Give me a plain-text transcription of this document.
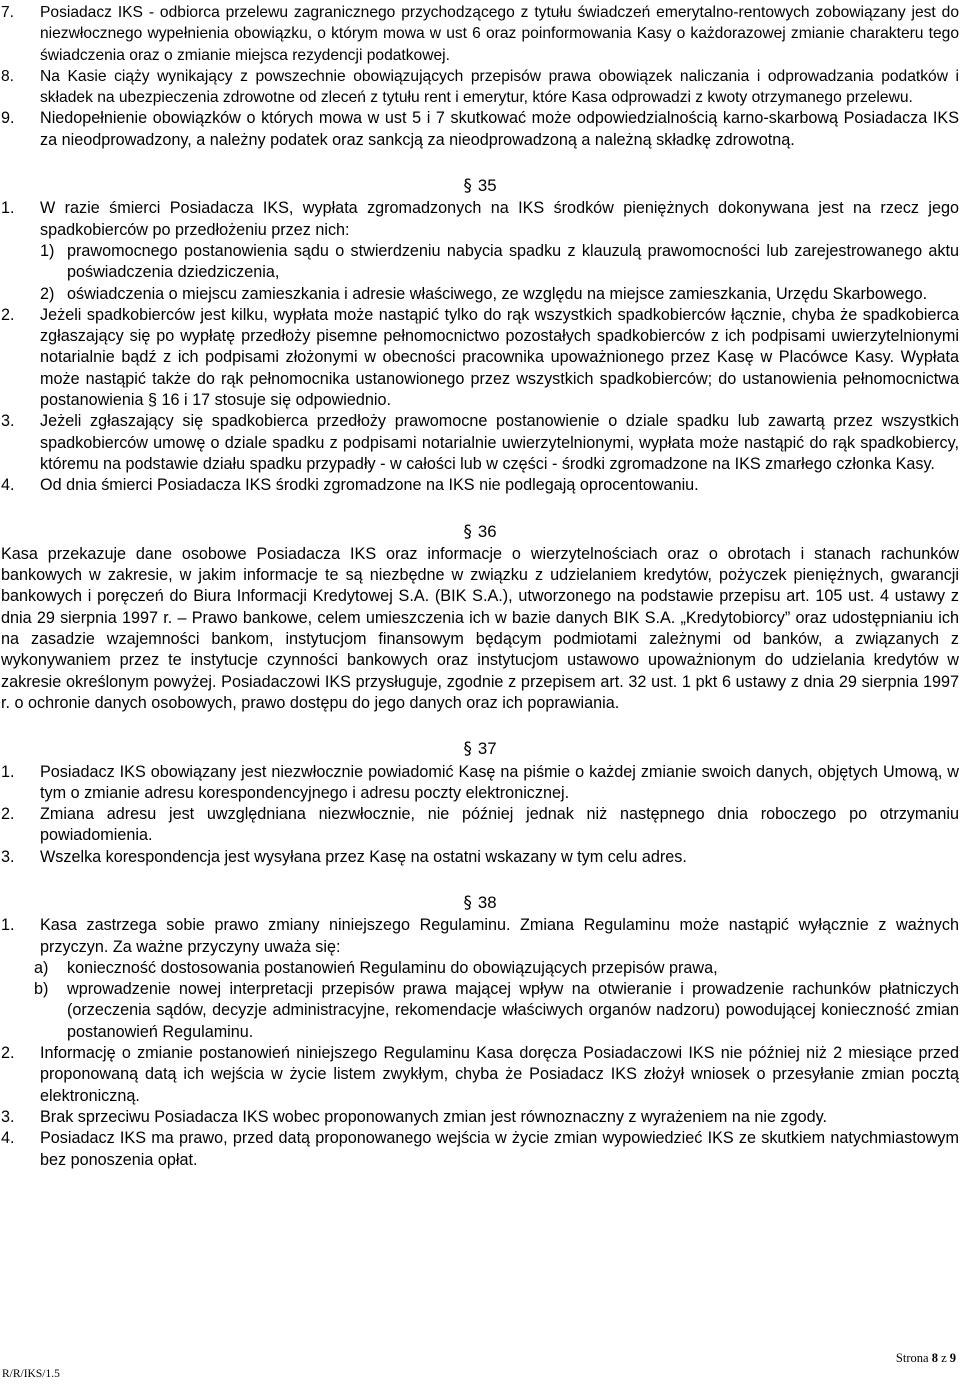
7. Posiadacz IKS - odbiorca przelewu zagranicznego przychodzącego z tytułu świadczeń emerytalno-rentowych zobowiązany jest do niezwłocznego wypełnienia obowiązku, o którym mowa w ust 6 oraz poinformowania Kasy o każdorazowej zmianie charakteru tego świadczenia oraz o zmianie miejsca rezydencji podatkowej.

8. Na Kasie ciąży wynikający z powszechnie obowiązujących przepisów prawa obowiązek naliczania i odprowadzania podatków i składek na ubezpieczenia zdrowotne od zleceń z tytułu rent i emerytur, które Kasa odprowadzi z kwoty otrzymanego przelewu.

9. Niedopełnienie obowiązków o których mowa w ust 5 i 7 skutkować może odpowiedzialnością karno-skarbową Posiadacza IKS za nieodprowadzony, a należny podatek oraz sankcją za nieodprowadzoną a należną składkę zdrowotną.

§ 35
1. W razie śmierci Posiadacza IKS, wypłata zgromadzonych na IKS środków pieniężnych dokonywana jest na rzecz jego spadkobierców po przedłożeniu przez nich:

1) prawomocnego postanowienia sądu o stwierdzeniu nabycia spadku z klauzulą prawomocności lub zarejestrowanego aktu poświadczenia dziedziczenia,

2) oświadczenia o miejscu zamieszkania i adresie właściwego, ze względu na miejsce zamieszkania, Urzędu Skarbowego.

2. Jeżeli spadkobierców jest kilku, wypłata może nastąpić tylko do rąk wszystkich spadkobierców łącznie, chyba że spadkobierca zgłaszający się po wypłatę przedłoży pisemne pełnomocnictwo pozostałych spadkobierców z ich podpisami uwierzytelnionymi notarialnie bądź z ich podpisami złożonymi w obecności pracownika upoważnionego przez Kasę w Placówce Kasy. Wypłata może nastąpić także do rąk pełnomocnika ustanowionego przez wszystkich spadkobierców; do ustanowienia pełnomocnictwa postanowienia § 16 i 17 stosuje się odpowiednio.

3. Jeżeli zgłaszający się spadkobierca przedłoży prawomocne postanowienie o dziale spadku lub zawartą przez wszystkich spadkobierców umowę o dziale spadku z podpisami notarialnie uwierzytelnionymi, wypłata może nastąpić do rąk spadkobiercy, któremu na podstawie działu spadku przypadły - w całości lub w części - środki zgromadzone na IKS zmarłego członka Kasy.

4. Od dnia śmierci Posiadacza IKS środki zgromadzone na IKS nie podlegają oprocentowaniu.

§ 36

Kasa przekazuje dane osobowe Posiadacza IKS oraz informacje o wierzytelnościach oraz o obrotach i stanach rachunków bankowych w zakresie, w jakim informacje te są niezbędne w związku z udzielaniem kredytów, pożyczek pieniężnych, gwarancji bankowych i poręczeń do Biura Informacji Kredytowej S.A. (BIK S.A.), utworzonego na podstawie przepisu art. 105 ust. 4 ustawy z dnia 29 sierpnia 1997 r. – Prawo bankowe, celem umieszczenia ich w bazie danych BIK S.A. „Kredytobiorcy” oraz udostępnianiu ich na zasadzie wzajemności bankom, instytucjom finansowym będącym podmiotami zależnymi od banków, a związanych z wykonywaniem przez te instytucje czynności bankowych oraz instytucjom ustawowo upoważnionym do udzielania kredytów w zakresie określonym powyżej. Posiadaczowi IKS przysługuje, zgodnie z przepisem art. 32 ust. 1 pkt 6 ustawy z dnia 29 sierpnia 1997 r. o ochronie danych osobowych, prawo dostępu do jego danych oraz ich poprawiania.

§ 37
1. Posiadacz IKS obowiązany jest niezwłocznie powiadomić Kasę na piśmie o każdej zmianie swoich danych, objętych Umową, w tym o zmianie adresu korespondencyjnego i adresu poczty elektronicznej.

2. Zmiana adresu jest uwzględniana niezwłocznie, nie później jednak niż następnego dnia roboczego po otrzymaniu powiadomienia.

3. Wszelka korespondencja jest wysyłana przez Kasę na ostatni wskazany w tym celu adres.

§ 38
1. Kasa zastrzega sobie prawo zmiany niniejszego Regulaminu. Zmiana Regulaminu może nastąpić wyłącznie z ważnych przyczyn. Za ważne przyczyny uważa się:

a) konieczność dostosowania postanowień Regulaminu do obowiązujących przepisów prawa,

b) wprowadzenie nowej interpretacji przepisów prawa mającej wpływ na otwieranie i prowadzenie rachunków płatniczych (orzeczenia sądów, decyzje administracyjne, rekomendacje właściwych organów nadzoru) powodującej konieczność zmian postanowień Regulaminu.

2. Informację o zmianie postanowień niniejszego Regulaminu Kasa doręcza Posiadaczowi IKS nie później niż 2 miesiące przed proponowaną datą ich wejścia w życie listem zwykłym, chyba że Posiadacz IKS złożył wniosek o przesyłanie zmian pocztą elektroniczną.

3. Brak sprzeciwu Posiadacza IKS wobec proponowanych zmian jest równoznaczny z wyrażeniem na nie zgody.

4. Posiadacz IKS ma prawo, przed datą proponowanego wejścia w życie zmian wypowiedzieć IKS ze skutkiem natychmiastowym bez ponoszenia opłat.

R/R/IKS/1.5
Strona 8 z 9
